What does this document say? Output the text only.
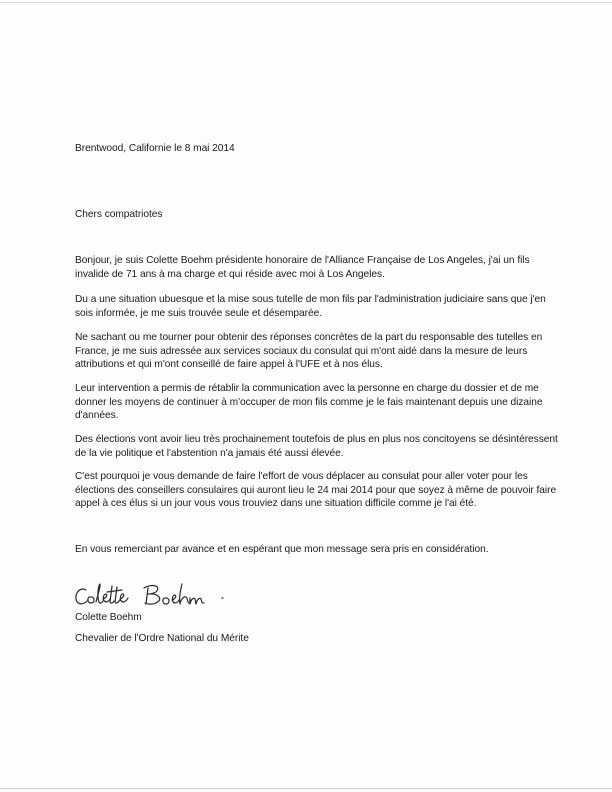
Brentwood, Californie le 8 mai 2014

Chers compatriotes

Bonjour, je suis Colette Boehm présidente honoraire de l'Alliance Française de Los Angeles, j'ai un fils invalide de 71 ans à ma charge et qui réside avec moi à Los Angeles.

Du a une situation ubuesque et la mise sous tutelle de mon fils par l'administration judiciaire sans que j'en sois informée, je me suis trouvée seule et désemparée.

Ne sachant ou me tourner pour obtenir des réponses concrètes de la part du responsable des tutelles en France, je me suis adressée aux services sociaux du consulat qui m'ont aidé dans la mesure de leurs attributions et qui m'ont conseillé de faire appel à l'UFE et à nos élus.

Leur intervention a permis de rétablir la communication avec la personne en charge du dossier et de me donner les moyens de continuer à m'occuper de mon fils comme je le fais maintenant depuis une dizaine d'années.

Des élections vont avoir lieu très prochainement toutefois de plus en plus nos concitoyens se désintéressent de la vie politique et l'abstention n'a jamais été aussi élevée.

C'est pourquoi je vous demande de faire l'effort de vous déplacer au consulat pour aller voter pour les élections des conseillers consulaires qui auront lieu le 24 mai 2014 pour que soyez à même de pouvoir faire appel à ces élus si un jour vous vous trouviez dans une situation difficile comme je l'ai été.

En vous remerciant par avance et en espérant que mon message sera pris en considération.

Colette Boehm

Chevalier de l'Ordre National du Mérite
